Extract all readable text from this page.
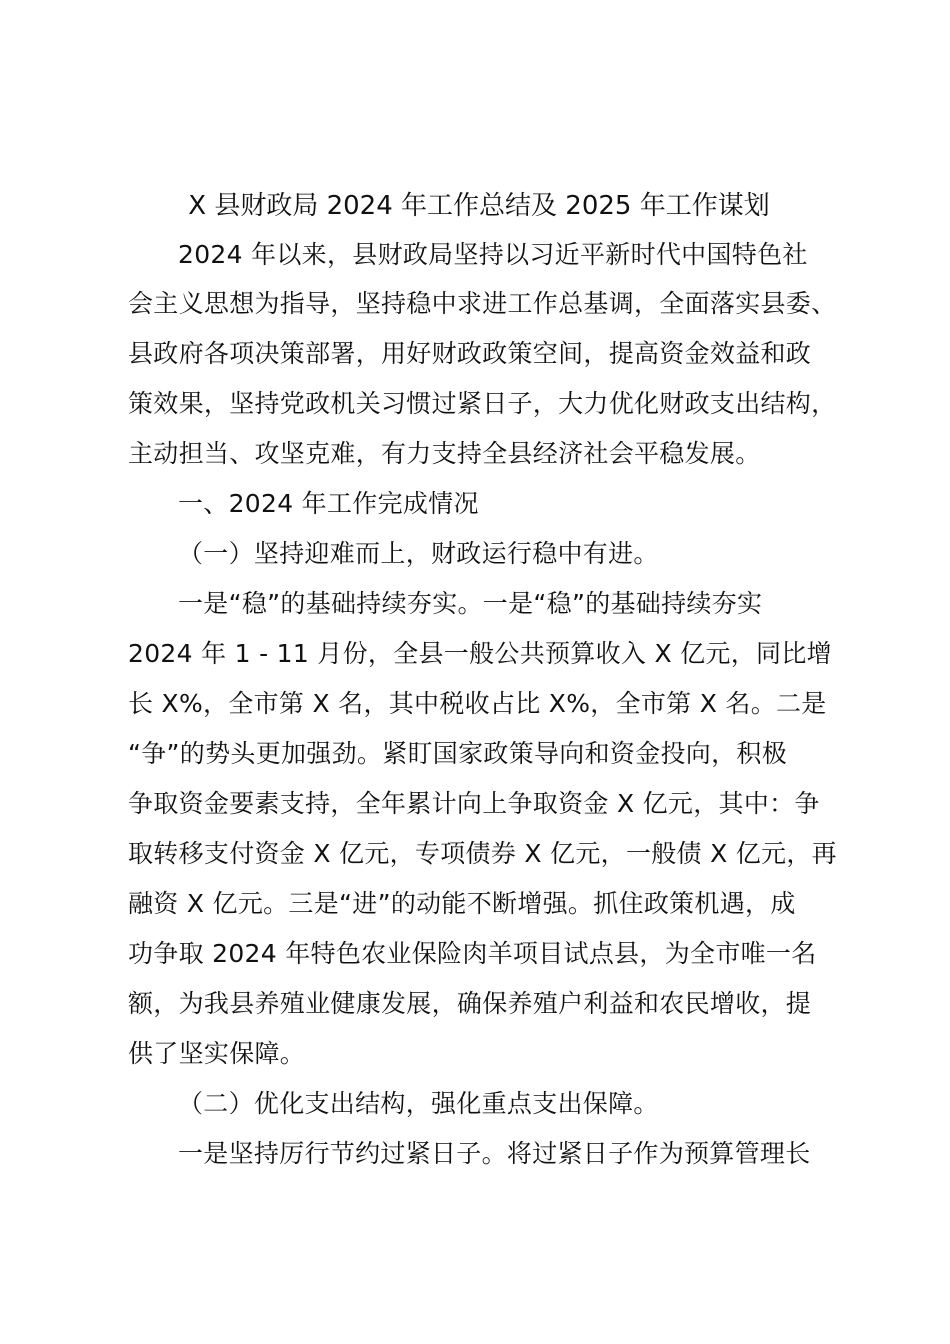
X 县财政局 2024 年工作总结及 2025 年工作谋划
2024 年以来，县财政局坚持以习近平新时代中国特色社
会主义思想为指导，坚持稳中求进工作总基调，全面落实县委、
县政府各项决策部署，用好财政政策空间，提高资金效益和政
策效果，坚持党政机关习惯过紧日子，大力优化财政支出结构，
主动担当、攻坚克难，有力支持全县经济社会平稳发展。
一、2024 年工作完成情况
（一）坚持迎难而上，财政运行稳中有进。
一是“稳”的基础持续夯实。一是“稳”的基础持续夯实
2024 年 1 - 11 月份，全县一般公共预算收入 X 亿元，同比增
长 X%，全市第 X 名，其中税收占比 X%，全市第 X 名。二是
“争”的势头更加强劲。紧盯国家政策导向和资金投向，积极
争取资金要素支持，全年累计向上争取资金 X 亿元，其中：争
取转移支付资金 X 亿元，专项债券 X 亿元，一般债 X 亿元，再
融资 X 亿元。三是“进”的动能不断增强。抓住政策机遇，成
功争取 2024 年特色农业保险肉羊项目试点县，为全市唯一名
额，为我县养殖业健康发展，确保养殖户利益和农民增收，提
供了坚实保障。
（二）优化支出结构，强化重点支出保障。
一是坚持厉行节约过紧日子。将过紧日子作为预算管理长
